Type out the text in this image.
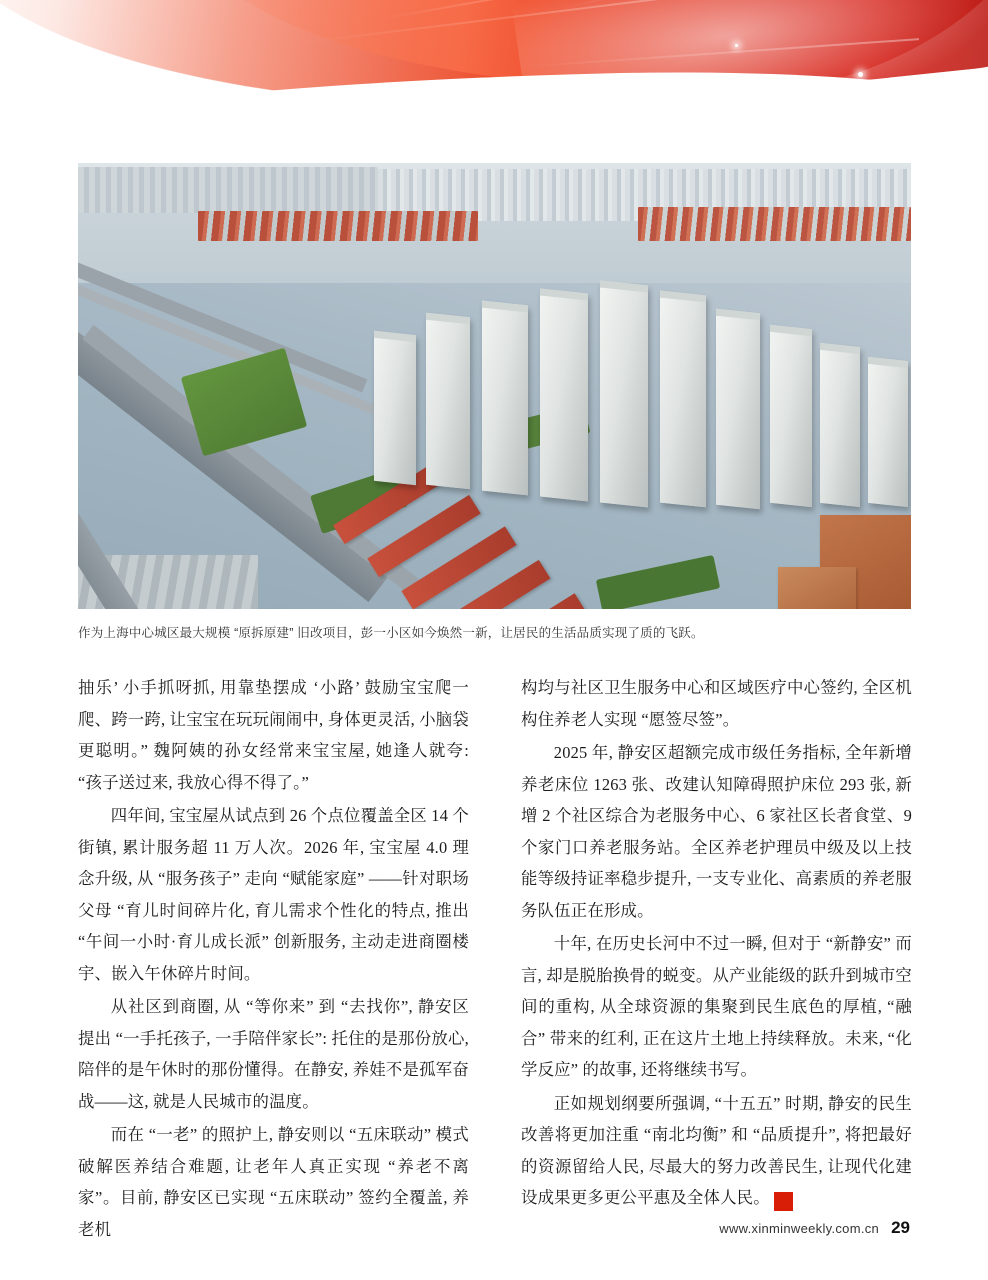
作为上海中心城区最大规模 “原拆原建” 旧改项目，彭一小区如今焕然一新，让居民的生活品质实现了质的飞跃。

抽乐’ 小手抓呀抓, 用靠垫摆成 ‘小路’ 鼓励宝宝爬一爬、跨一跨, 让宝宝在玩玩闹闹中, 身体更灵活, 小脑袋更聪明。” 魏阿姨的孙女经常来宝宝屋, 她逢人就夸: “孩子送过来, 我放心得不得了。”

四年间, 宝宝屋从试点到 26 个点位覆盖全区 14 个街镇, 累计服务超 11 万人次。2026 年, 宝宝屋 4.0 理念升级, 从 “服务孩子” 走向 “赋能家庭” ——针对职场父母 “育儿时间碎片化, 育儿需求个性化的特点, 推出 “午间一小时·育儿成长派” 创新服务, 主动走进商圈楼宇、嵌入午休碎片时间。

从社区到商圈, 从 “等你来” 到 “去找你”, 静安区提出 “一手托孩子, 一手陪伴家长”: 托住的是那份放心, 陪伴的是午休时的那份懂得。在静安, 养娃不是孤军奋战——这, 就是人民城市的温度。

而在 “一老” 的照护上, 静安则以 “五床联动” 模式破解医养结合难题, 让老年人真正实现 “养老不离家”。目前, 静安区已实现 “五床联动” 签约全覆盖, 养老机

构均与社区卫生服务中心和区域医疗中心签约, 全区机构住养老人实现 “愿签尽签”。

2025 年, 静安区超额完成市级任务指标, 全年新增养老床位 1263 张、改建认知障碍照护床位 293 张, 新增 2 个社区综合为老服务中心、6 家社区长者食堂、9 个家门口养老服务站。全区养老护理员中级及以上技能等级持证率稳步提升, 一支专业化、高素质的养老服务队伍正在形成。

十年, 在历史长河中不过一瞬, 但对于 “新静安” 而言, 却是脱胎换骨的蜕变。从产业能级的跃升到城市空间的重构, 从全球资源的集聚到民生底色的厚植, “融合” 带来的红利, 正在这片土地上持续释放。未来, “化学反应” 的故事, 还将继续书写。

正如规划纲要所强调, “十五五” 时期, 静安的民生改善将更加注重 “南北均衡” 和 “品质提升”, 将把最好的资源留给人民, 尽最大的努力改善民生, 让现代化建设成果更多更公平惠及全体人民。	R

www.xinminweekly.com.cn 29
